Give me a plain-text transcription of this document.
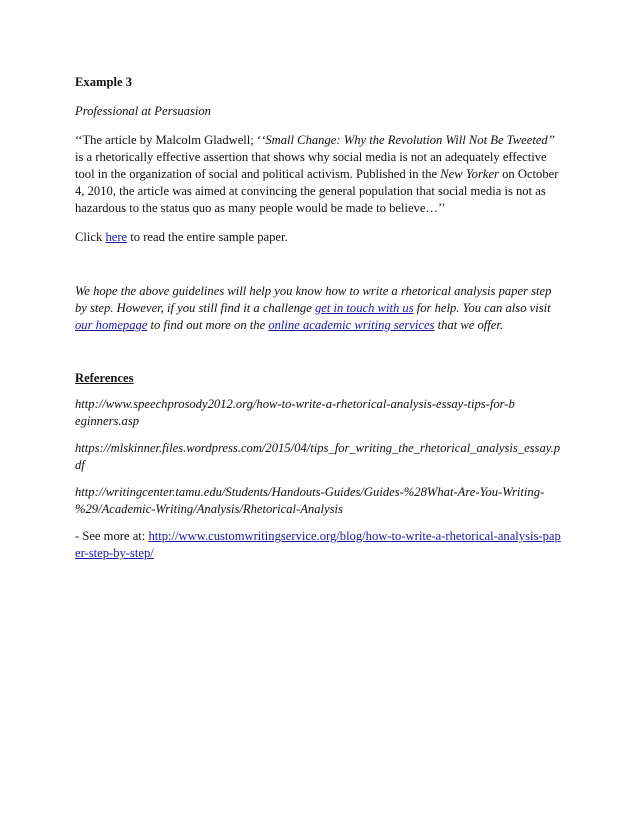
Example 3

Professional at Persuasion

‘‘The article by Malcolm Gladwell; ‘‘Small Change: Why the Revolution Will Not Be Tweeted’’ is a rhetorically effective assertion that shows why social media is not an adequately effective tool in the organization of social and political activism. Published in the New Yorker on October 4, 2010, the article was aimed at convincing the general population that social media is not as hazardous to the status quo as many people would be made to believe…’’

Click here to read the entire sample paper.

We hope the above guidelines will help you know how to write a rhetorical analysis paper step by step. However, if you still find it a challenge get in touch with us for help. You can also visit our homepage to find out more on the online academic writing services that we offer.

References

http://www.speechprosody2012.org/how-to-write-a-rhetorical-analysis-essay-tips-for-beginners.asp

https://mlskinner.files.wordpress.com/2015/04/tips_for_writing_the_rhetorical_analysis_essay.pdf

http://writingcenter.tamu.edu/Students/Handouts-Guides/Guides-%28What-Are-You-Writing-%29/Academic-Writing/Analysis/Rhetorical-Analysis

- See more at: http://www.customwritingservice.org/blog/how-to-write-a-rhetorical-analysis-paper-step-by-step/
